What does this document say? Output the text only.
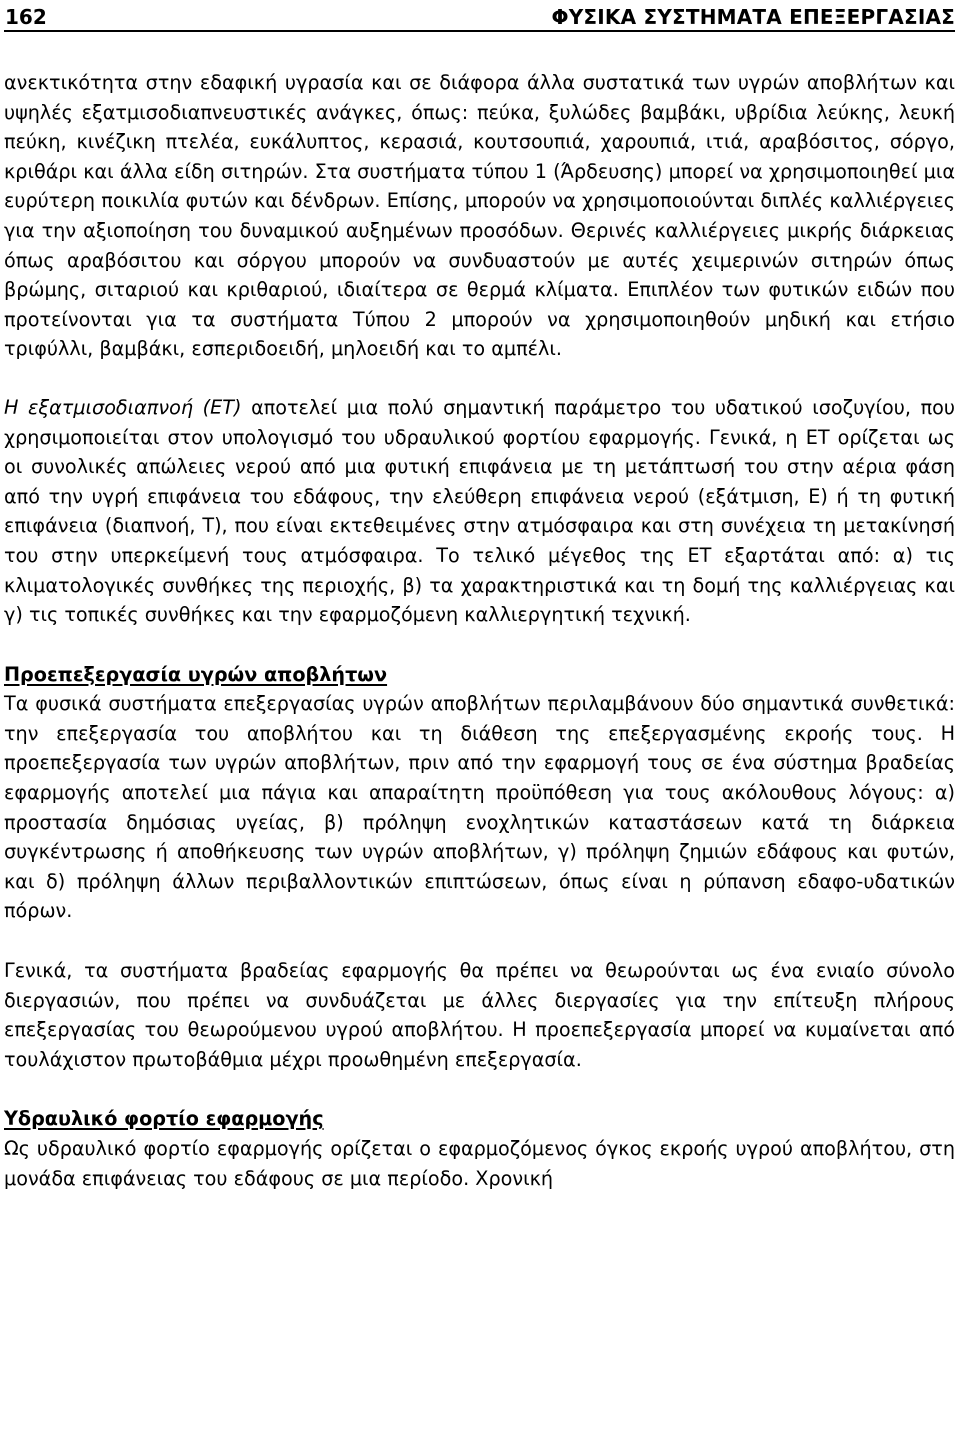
162	ΦΥΣΙΚΑ ΣΥΣΤΗΜΑΤΑ ΕΠΕΞΕΡΓΑΣΙΑΣ

ανεκτικότητα στην εδαφική υγρασία και σε διάφορα άλλα συστατικά των υγρών αποβλήτων και υψηλές εξατμισοδιαπνευστικές ανάγκες, όπως: πεύκα, ξυλώδες βαμβάκι, υβρίδια λεύκης, λευκή πεύκη, κινέζικη πτελέα, ευκάλυπτος, κερασιά, κουτσουπιά, χαρουπιά, ιτιά, αραβόσιτος, σόργο, κριθάρι και άλλα είδη σιτηρών. Στα συστήματα τύπου 1 (Άρδευσης) μπορεί να χρησιμοποιηθεί μια ευρύτερη ποικιλία φυτών και δένδρων. Επίσης, μπορούν να χρησιμοποιούνται διπλές καλλιέργειες για την αξιοποίηση του δυναμικού αυξημένων προσόδων. Θερινές καλλιέργειες μικρής διάρκειας όπως αραβόσιτου και σόργου μπορούν να συνδυαστούν με αυτές χειμερινών σιτηρών όπως βρώμης, σιταριού και κριθαριού, ιδιαίτερα σε θερμά κλίματα. Επιπλέον των φυτικών ειδών που προτείνονται για τα συστήματα Τύπου 2 μπορούν να χρησιμοποιηθούν μηδική και ετήσιο τριφύλλι, βαμβάκι, εσπεριδοειδή, μηλοειδή και το αμπέλι.

Η εξατμισοδιαπνοή (ΕΤ) αποτελεί μια πολύ σημαντική παράμετρο του υδατικού ισοζυγίου, που χρησιμοποιείται στον υπολογισμό του υδραυλικού φορτίου εφαρμογής. Γενικά, η ΕΤ ορίζεται ως οι συνολικές απώλειες νερού από μια φυτική επιφάνεια με τη μετάπτωσή του στην αέρια φάση από την υγρή επιφάνεια του εδάφους, την ελεύθερη επιφάνεια νερού (εξάτμιση, Ε) ή τη φυτική επιφάνεια (διαπνοή, Τ), που είναι εκτεθειμένες στην ατμόσφαιρα και στη συνέχεια τη μετακίνησή του στην υπερκείμενή τους ατμόσφαιρα. Το τελικό μέγεθος της ΕΤ εξαρτάται από: α) τις κλιματολογικές συνθήκες της περιοχής, β) τα χαρακτηριστικά και τη δομή της καλλιέργειας και γ) τις τοπικές συνθήκες και την εφαρμοζόμενη καλλιεργητική τεχνική.

Προεπεξεργασία υγρών αποβλήτων

Τα φυσικά συστήματα επεξεργασίας υγρών αποβλήτων περιλαμβάνουν δύο σημαντικά συνθετικά: την επεξεργασία του αποβλήτου και τη διάθεση της επεξεργασμένης εκροής τους. Η προεπεξεργασία των υγρών αποβλήτων, πριν από την εφαρμογή τους σε ένα σύστημα βραδείας εφαρμογής αποτελεί μια πάγια και απαραίτητη προϋπόθεση για τους ακόλουθους λόγους: α) προστασία δημόσιας υγείας, β) πρόληψη ενοχλητικών καταστάσεων κατά τη διάρκεια συγκέντρωσης ή αποθήκευσης των υγρών αποβλήτων, γ) πρόληψη ζημιών εδάφους και φυτών, και δ) πρόληψη άλλων περιβαλλοντικών επιπτώσεων, όπως είναι η ρύπανση εδαφο-υδατικών πόρων.

Γενικά, τα συστήματα βραδείας εφαρμογής θα πρέπει να θεωρούνται ως ένα ενιαίο σύνολο διεργασιών, που πρέπει να συνδυάζεται με άλλες διεργασίες για την επίτευξη πλήρους επεξεργασίας του θεωρούμενου υγρού αποβλήτου. Η προεπεξεργασία μπορεί να κυμαίνεται από τουλάχιστον πρωτοβάθμια μέχρι προωθημένη επεξεργασία.

Υδραυλικό φορτίο εφαρμογής

Ως υδραυλικό φορτίο εφαρμογής ορίζεται ο εφαρμοζόμενος όγκος εκροής υγρού αποβλήτου, στη μονάδα επιφάνειας του εδάφους σε μια περίοδο. Χρονική
